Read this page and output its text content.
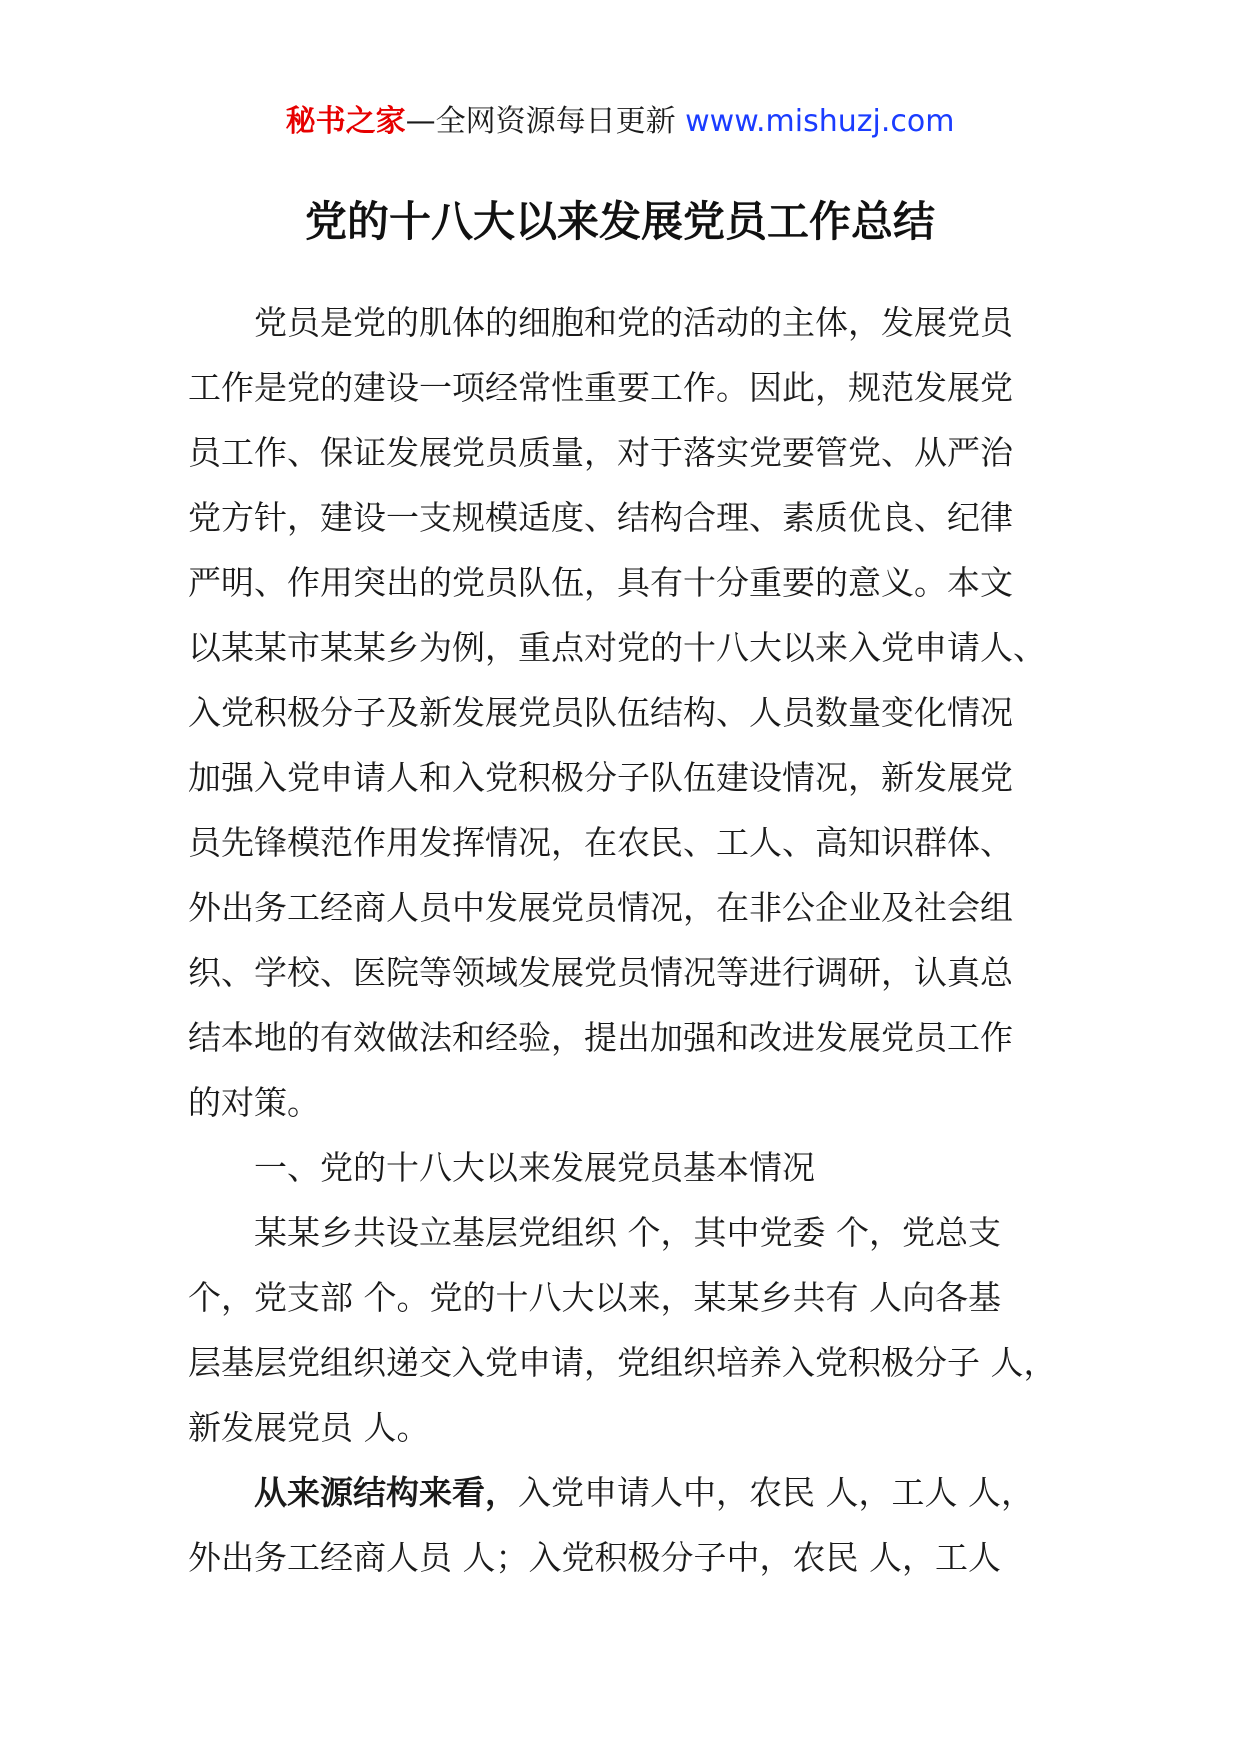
秘书之家—全网资源每日更新 www.mishuzj.com
党的十八大以来发展党员工作总结

党员是党的肌体的细胞和党的活动的主体，发展党员
工作是党的建设一项经常性重要工作。因此，规范发展党
员工作、保证发展党员质量，对于落实党要管党、从严治
党方针，建设一支规模适度、结构合理、素质优良、纪律
严明、作用突出的党员队伍，具有十分重要的意义。本文
以某某市某某乡为例，重点对党的十八大以来入党申请人、
入党积极分子及新发展党员队伍结构、人员数量变化情况
加强入党申请人和入党积极分子队伍建设情况，新发展党
员先锋模范作用发挥情况，在农民、工人、高知识群体、
外出务工经商人员中发展党员情况，在非公企业及社会组
织、学校、医院等领域发展党员情况等进行调研，认真总
结本地的有效做法和经验，提出加强和改进发展党员工作
的对策。

一、党的十八大以来发展党员基本情况

某某乡共设立基层党组织 个，其中党委 个，党总支
个，党支部 个。党的十八大以来，某某乡共有 人向各基
层基层党组织递交入党申请，党组织培养入党积极分子 人，
新发展党员 人。

从来源结构来看，入党申请人中，农民 人，工人 人，
外出务工经商人员 人；入党积极分子中，农民 人，工人
